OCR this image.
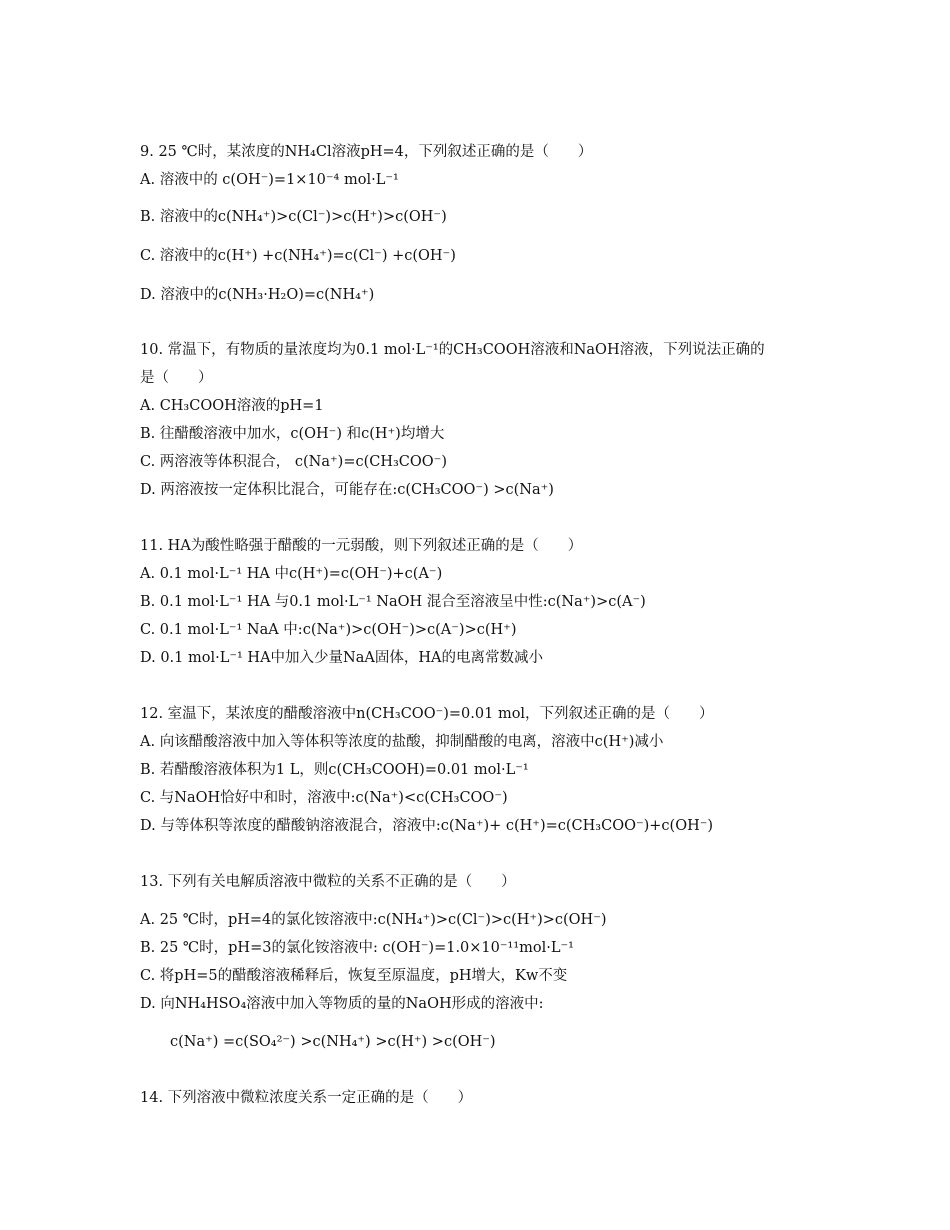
9. 25 ℃时，某浓度的NH₄Cl溶液pH=4，下列叙述正确的是（　　）
A. 溶液中的 c(OH⁻)=1×10⁻⁴ mol·L⁻¹
B. 溶液中的c(NH₄⁺)>c(Cl⁻)>c(H⁺)>c(OH⁻)
C. 溶液中的c(H⁺) +c(NH₄⁺)=c(Cl⁻) +c(OH⁻)
D. 溶液中的c(NH₃·H₂O)=c(NH₄⁺)
10. 常温下，有物质的量浓度均为0.1 mol·L⁻¹的CH₃COOH溶液和NaOH溶液，下列说法正确的
是（　　）
A. CH₃COOH溶液的pH=1
B. 往醋酸溶液中加水，c(OH⁻) 和c(H⁺)均增大
C. 两溶液等体积混合， c(Na⁺)=c(CH₃COO⁻)
D. 两溶液按一定体积比混合，可能存在:c(CH₃COO⁻) >c(Na⁺)
11. HA为酸性略强于醋酸的一元弱酸，则下列叙述正确的是（　　）
A. 0.1 mol·L⁻¹ HA 中c(H⁺)=c(OH⁻)+c(A⁻)
B. 0.1 mol·L⁻¹ HA 与0.1 mol·L⁻¹ NaOH 混合至溶液呈中性:c(Na⁺)>c(A⁻)
C. 0.1 mol·L⁻¹ NaA 中:c(Na⁺)>c(OH⁻)>c(A⁻)>c(H⁺)
D. 0.1 mol·L⁻¹ HA中加入少量NaA固体，HA的电离常数减小
12. 室温下，某浓度的醋酸溶液中n(CH₃COO⁻)=0.01 mol，下列叙述正确的是（　　）
A. 向该醋酸溶液中加入等体积等浓度的盐酸，抑制醋酸的电离，溶液中c(H⁺)减小
B. 若醋酸溶液体积为1 L，则c(CH₃COOH)=0.01 mol·L⁻¹
C. 与NaOH恰好中和时，溶液中:c(Na⁺)<c(CH₃COO⁻)
D. 与等体积等浓度的醋酸钠溶液混合，溶液中:c(Na⁺)+ c(H⁺)=c(CH₃COO⁻)+c(OH⁻)
13. 下列有关电解质溶液中微粒的关系不正确的是（　　）
A. 25 ℃时，pH=4的氯化铵溶液中:c(NH₄⁺)>c(Cl⁻)>c(H⁺)>c(OH⁻)
B. 25 ℃时，pH=3的氯化铵溶液中: c(OH⁻)=1.0×10⁻¹¹mol·L⁻¹
C. 将pH=5的醋酸溶液稀释后，恢复至原温度，pH增大，Kw不变
D. 向NH₄HSO₄溶液中加入等物质的量的NaOH形成的溶液中:
c(Na⁺) =c(SO₄²⁻) >c(NH₄⁺) >c(H⁺) >c(OH⁻)
14. 下列溶液中微粒浓度关系一定正确的是（　　）
